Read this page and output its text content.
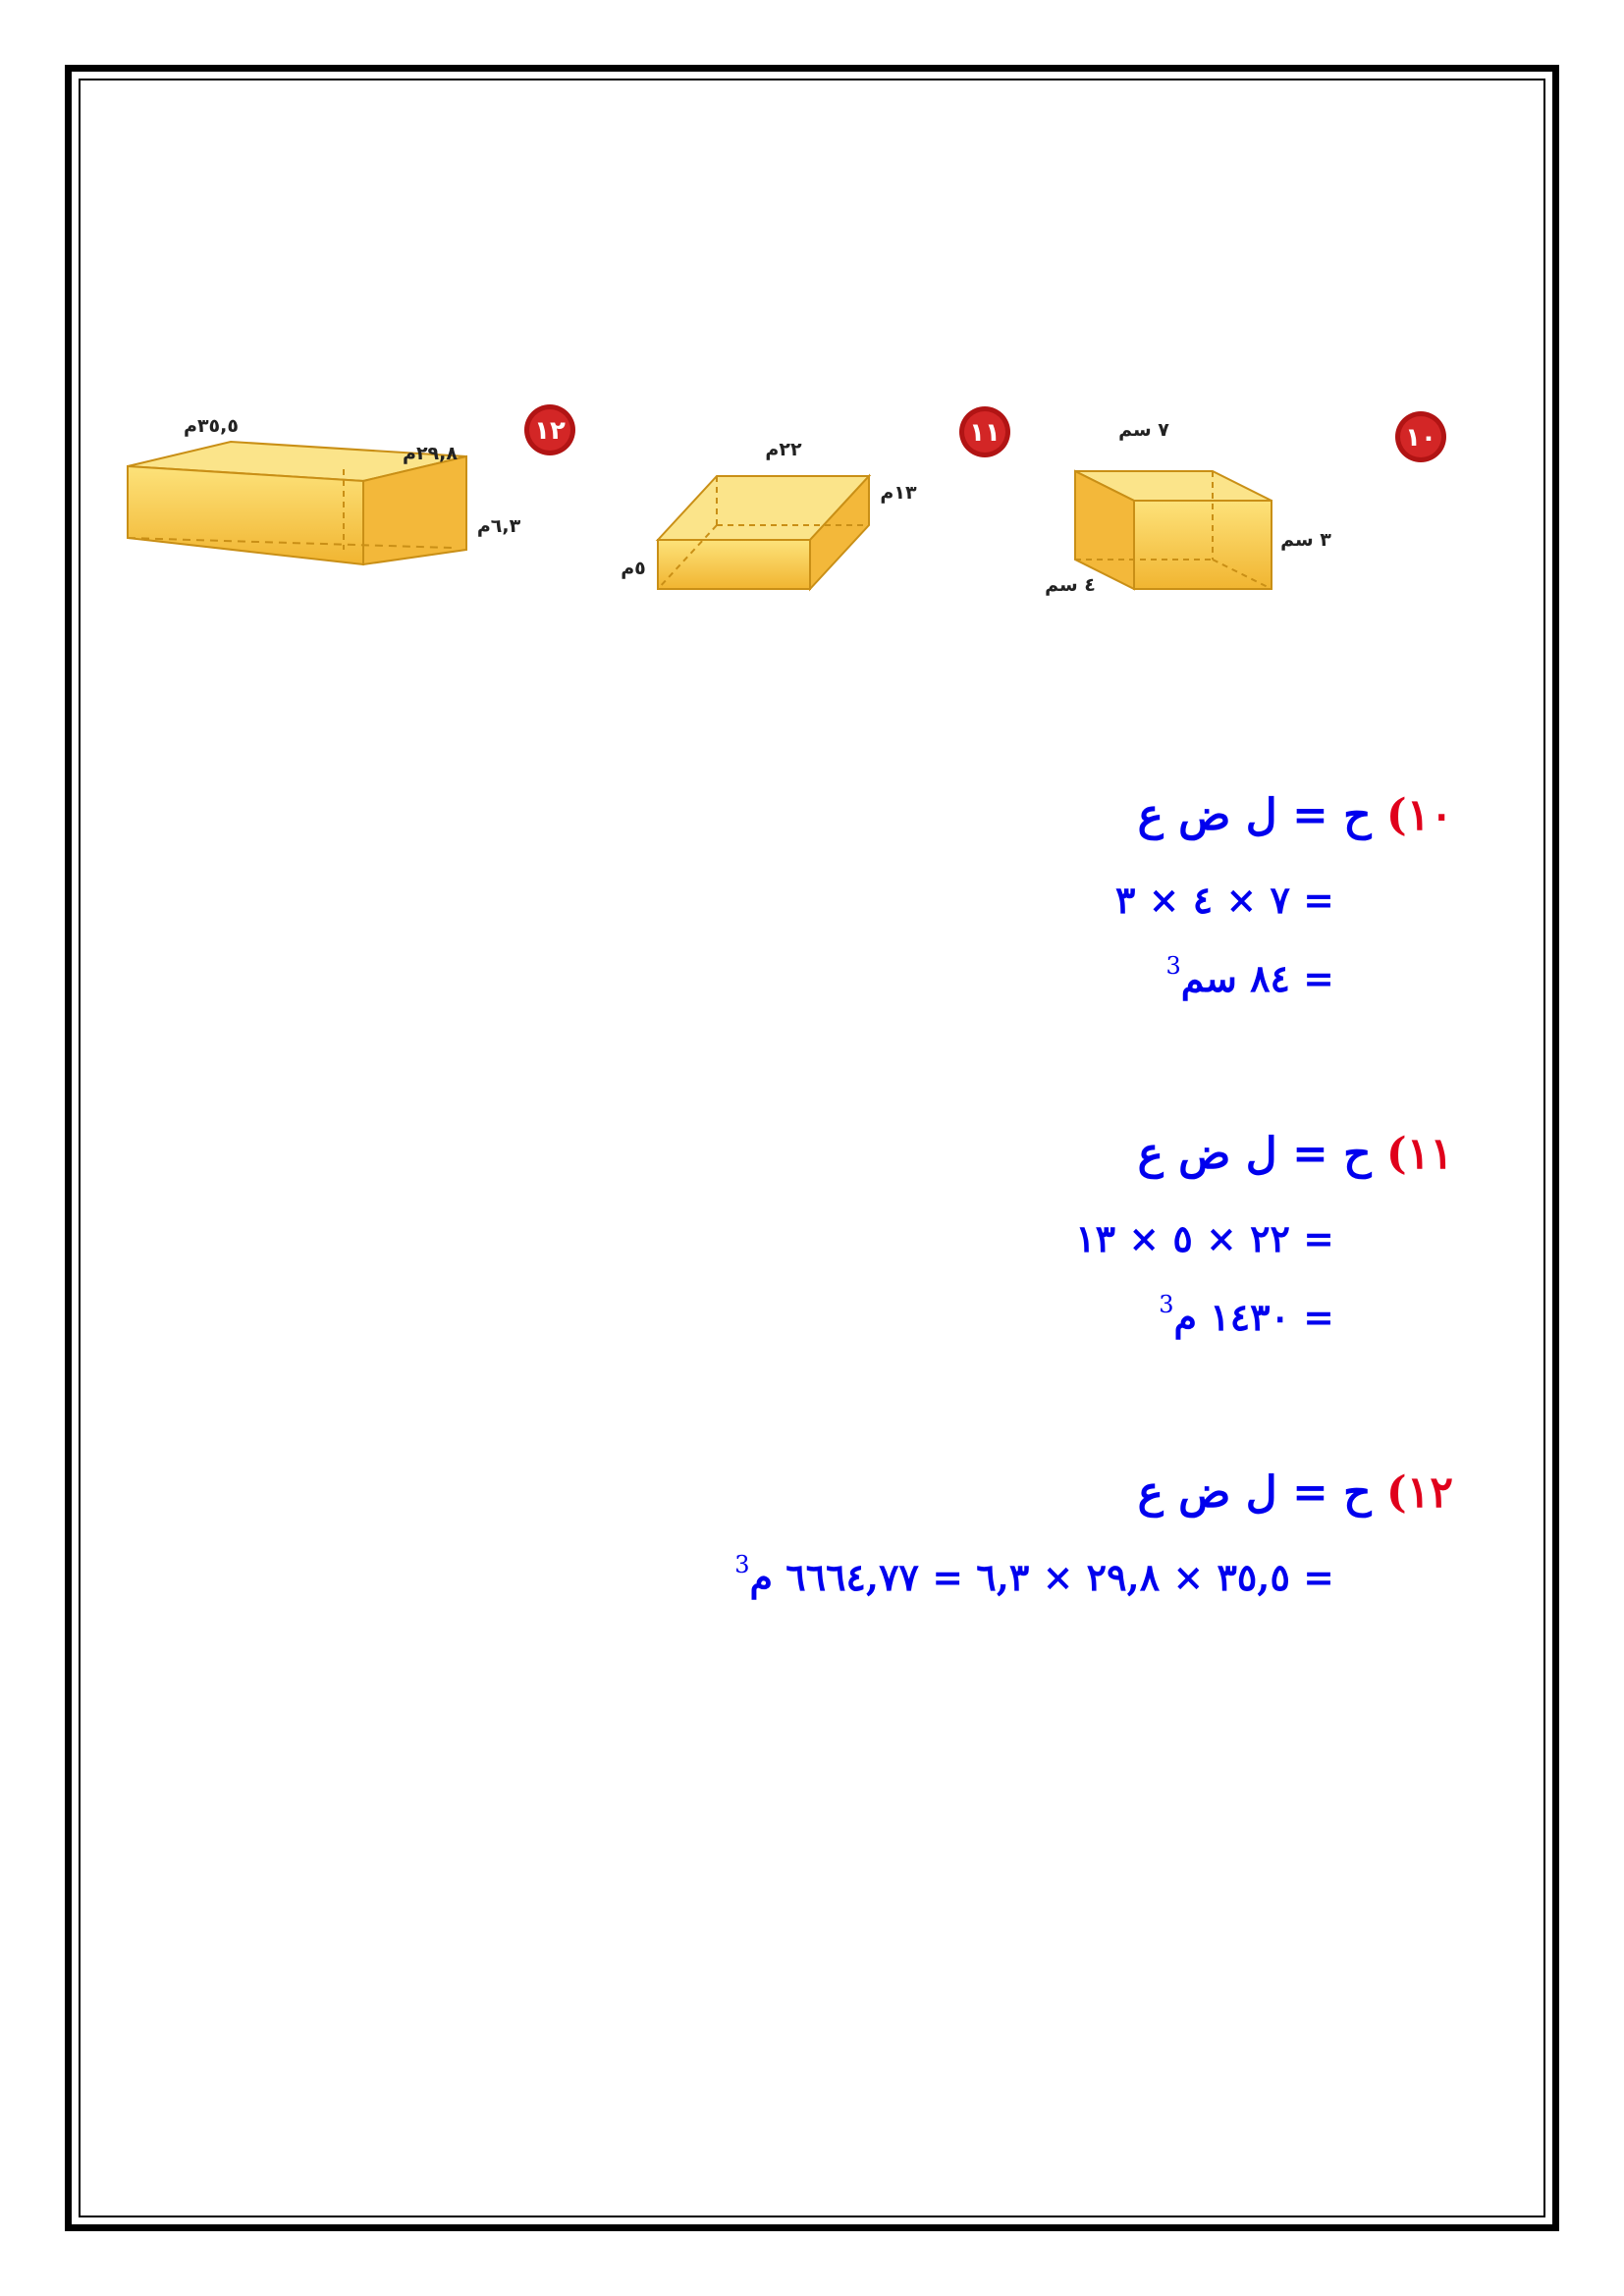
٣٥,٥م
٢٩,٨م
٦,٣م
١٢
٢٢م
١٣م
٥م
١١	٧ سم
٣ سم
٤ سم
١٠
١٠) ح = ل ض ع
= ٧ × ٤ × ٣
= ٨٤ سم$^3$
١١) ح = ل ض ع
= ٢٢ × ٥ × ١٣
= ١٤٣٠ م$^3$
١٢) ح = ل ض ع
= ٣٥,٥ × ٢٩,٨ × ٦,٣ = ٦٦٦٤,٧٧ م$^3$
